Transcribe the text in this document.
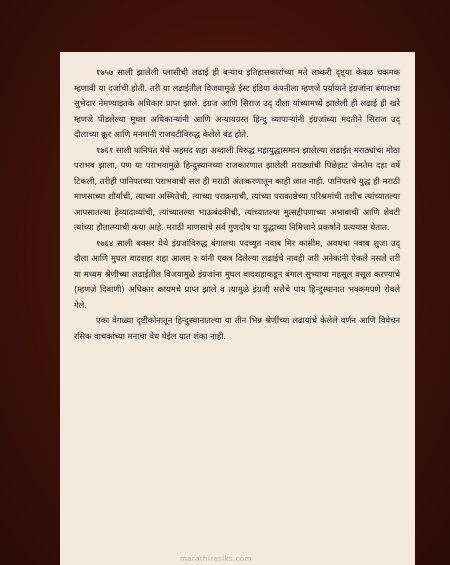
१७५७ साली झालेली प्लासीची लढाई ही बऱ्याच इतिहासकारांच्या मते लष्करी दृष्ट्या केवळ चकमक म्हणावी या दर्जाची होती. तरी या लढाईतील विजयामुळे ईस्ट इंडिया कंपनीला म्हणजे पर्यायाने इंग्रजांना बंगालचा सुभेदार नेमण्याइतके अधिकार प्राप्त झाले. इंग्रज आणि सिराज उद् दौला यांच्यामध्ये झालेली ही लढाई ही खरे म्हणजे पीडलेल्या मुघल अधिकाऱ्यांनी आणि अन्यायग्रस्त हिन्दु व्यापाऱ्यांनी इंग्रजांच्या मदतीने सिराज उद् दौलाच्या क्रूर आणि मनमानी राजवटीविरुद्ध केलेले बंड होते.

१७६१ साली पानिपत येथे अहमद शहा अब्दाली विरुद्ध महायुद्धासमान झालेल्या लढाईत मराठ्यांचा मोठा पराभव झाला, पण या पराभवामुळे हिन्दुस्थानच्या राजकारणात झालेली मराठ्यांची पिछेहाट जेमतेम दहा वर्षे टिकली, तरीही पानिपतच्या पराभवाची सल ही मराठी अंतःकरणातून काही जात नाही. पानिपतचे युद्ध ही मराठी माणसाच्या शौर्याची, त्याच्या अस्मितेची, त्याच्या पराक्रमाची, त्यांच्या पराकाष्ठेच्या परिश्रमांची तशीच त्यांच्यातल्या आपसातल्या हेव्यादाव्यांची, त्यांच्यातल्या भाऊबंदकीची, त्यांच्यातल्या मुत्सद्दीपणाच्या अभावाची आणि शेवटी त्यांच्या हौतात्म्याची कथा आहे. मराठी माणसाचे सर्व गुणदोष या युद्धाच्या निमित्ताने प्रकर्षाने प्रत्ययास येतात.

१७६४ साली बक्सर येथे इंग्रजांविरुद्ध बंगालचा पदच्युत नवाब मिर कासीम, अवधचा नवाब शुजा उद् दौला आणि मुघल बादशहा शहा आलम २ यांनी एकत्र दिलेल्या लढाईचे नावही जरी अनेकांनी ऐकले नसले तरी या मध्यम श्रेणीच्या लढाईतील विजयामुळे इंग्रजांना मुघल बादशहाकडून बंगाल सुभ्याचा महसूल वसूल करण्याचे (म्हणजे दिवाणी) अधिकार कायमचे प्राप्त झाले व त्यामुळे इंग्रजी सत्तेचे पाय हिन्दुस्थानात भक्कमपणे रोवले गेले.

एका वेगळ्या दृष्टीकोनातून हिन्दुस्थानातल्या या तीन भिन्न श्रेणींच्या लढायांचे केलेले वर्णन आणि विवेचन रसिक वाचकांच्या मनाचा वेध घेईल यात शंका नाही.

marathirasiks.com
